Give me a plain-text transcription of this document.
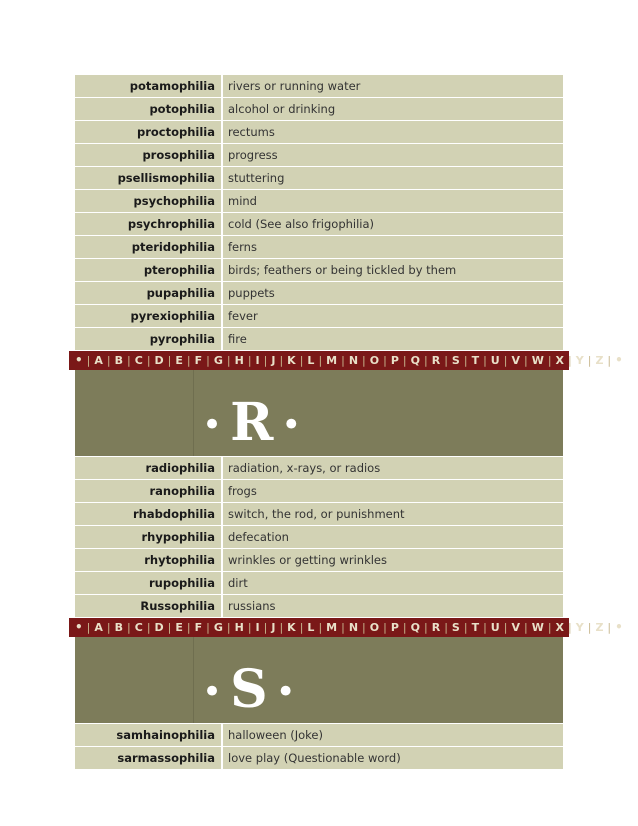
potamophilia	rivers or running water
potophilia	alcohol or drinking
proctophilia	rectums
prosophilia	progress
psellismophilia	stuttering
psychophilia	mind
psychrophilia	cold (See also frigophilia)
pteridophilia	ferns
pterophilia	birds; feathers or being tickled by them
pupaphilia	puppets
pyrexiophilia	fever
pyrophilia	fire
• | A | B | C | D | E | F | G | H | I | J | K | L | M | N | O | P | Q | R | S | T | U | V | W | X | Y | Z | •
• R •
radiophilia	radiation, x-rays, or radios
ranophilia	frogs
rhabdophilia	switch, the rod, or punishment
rhypophilia	defecation
rhytophilia	wrinkles or getting wrinkles
rupophilia	dirt
Russophilia	russians
• | A | B | C | D | E | F | G | H | I | J | K | L | M | N | O | P | Q | R | S | T | U | V | W | X | Y | Z | •
• S •
samhainophilia	halloween (Joke)
sarmassophilia	love play (Questionable word)
